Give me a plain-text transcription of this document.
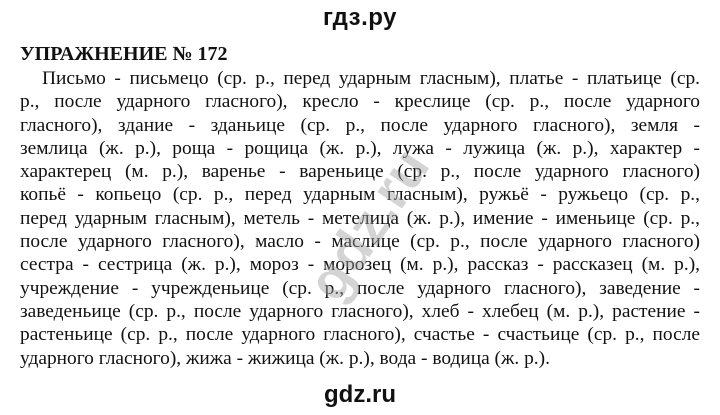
гдз.ру
УПРАЖНЕНИЕ № 172
Письмо - письмецо (ср. р., перед ударным гласным), платье - платьице (ср.
р., после ударного гласного), кресло - креслице (ср. р., после ударного
гласного), здание - зданьице (ср. р., после ударного гласного), земля -
землица (ж. р.), роща - рощица (ж. р.), лужа - лужица (ж. р.), характер -
характерец (м. р.), варенье - вареньице (ср. р., после ударного гласного)
копьё - копьецо (ср. р., перед ударным гласным), ружьё - ружьецо (ср. р.,
перед ударным гласным), метель - метелица (ж. р.), имение - именьице (ср. р.,
после ударного гласного), масло - маслице (ср. р., после ударного гласного)
сестра - сестрица (ж. р.), мороз - морозец (м. р.), рассказ - рассказец (м. р.),
учреждение - учрежденьице (ср. р., после ударного гласного), заведение -
заведеньице (ср. р., после ударного гласного), хлеб - хлебец (м. р.), растение -
растеньице (ср. р., после ударного гласного), счастье - счастьице (ср. р., после
ударного гласного), жижа - жижица (ж. р.), вода - водица (ж. р.).
gdz.ru
gdz.ru
